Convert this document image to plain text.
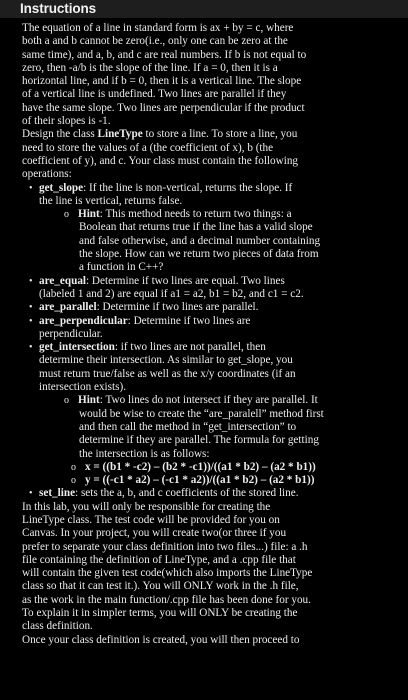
Instructions
The equation of a line in standard form is ax + by = c, where
both a and b cannot be zero(i.e., only one can be zero at the
same time), and a, b, and c are real numbers. If b is not equal to
zero, then -a/b is the slope of the line. If a = 0, then it is a
horizontal line, and if b = 0, then it is a vertical line. The slope
of a vertical line is undefined. Two lines are parallel if they
have the same slope. Two lines are perpendicular if the product
of their slopes is -1.
Design the class LineType to store a line. To store a line, you
need to store the values of a (the coefficient of x), b (the
coefficient of y), and c. Your class must contain the following
operations:
• get_slope: If the line is non-vertical, returns the slope. If
the line is vertical, returns false.
o Hint: This method needs to return two things: a
Boolean that returns true if the line has a valid slope
and false otherwise, and a decimal number containing
the slope. How can we return two pieces of data from
a function in C++?
• are_equal: Determine if two lines are equal. Two lines
(labeled 1 and 2) are equal if a1 = a2, b1 = b2, and c1 = c2.
• are_parallel: Determine if two lines are parallel.
• are_perpendicular: Determine if two lines are
perpendicular.
• get_intersection: if two lines are not parallel, then
determine their intersection. As similar to get_slope, you
must return true/false as well as the x/y coordinates (if an
intersection exists).
o Hint: Two lines do not intersect if they are parallel. It
would be wise to create the “are_paralell” method first
and then call the method in “get_intersection” to
determine if they are parallel. The formula for getting
the intersection is as follows:
o x = ((b1 * -c2) – (b2 * -c1))/((a1 * b2) – (a2 * b1))
o y = ((-c1 * a2) – (-c1 * a2))/((a1 * b2) – (a2 * b1))
• set_line: sets the a, b, and c coefficients of the stored line.
In this lab, you will only be responsible for creating the
LineType class. The test code will be provided for you on
Canvas. In your project, you will create two(or three if you
prefer to separate your class definition into two files...) file: a .h
file containing the definition of LineType, and a .cpp file that
will contain the given test code(which also imports the LineType
class so that it can test it.). You will ONLY work in the .h file,
as the work in the main function/.cpp file has been done for you.
To explain it in simpler terms, you will ONLY be creating the
class definition.
Once your class definition is created, you will then proceed to
